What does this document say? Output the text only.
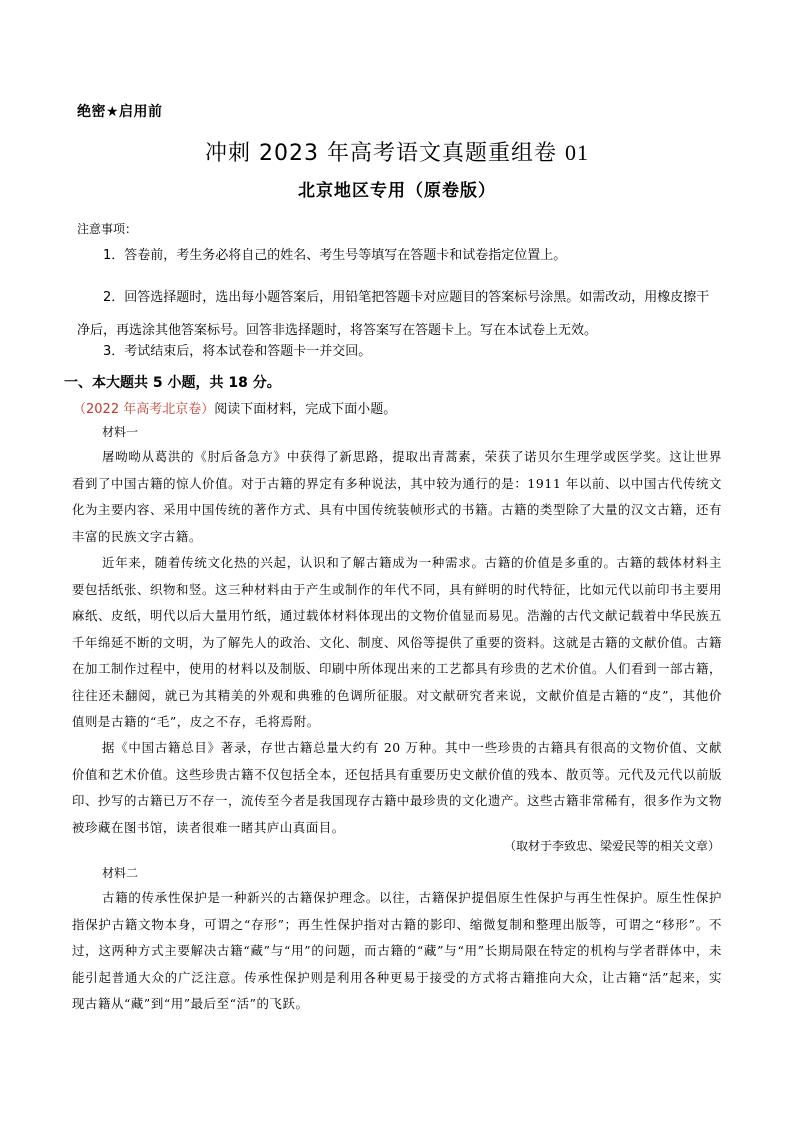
绝密★启用前
冲刺 2023 年高考语文真题重组卷 01
北京地区专用（原卷版）
注意事项：
1．答卷前，考生务必将自己的姓名、考生号等填写在答题卡和试卷指定位置上。
2．回答选择题时，选出每小题答案后，用铅笔把答题卡对应题目的答案标号涂黑。如需改动，用橡皮擦干净后，再选涂其他答案标号。回答非选择题时，将答案写在答题卡上。写在本试卷上无效。
3．考试结束后，将本试卷和答题卡一并交回。
一、本大题共 5 小题，共 18 分。
（2022 年高考北京卷）阅读下面材料，完成下面小题。
材料一
屠呦呦从葛洪的《肘后备急方》中获得了新思路，提取出青蒿素，荣获了诺贝尔生理学或医学奖。这让世界看到了中国古籍的惊人价值。对于古籍的界定有多种说法，其中较为通行的是：1911 年以前、以中国古代传统文化为主要内容、采用中国传统的著作方式、具有中国传统装帧形式的书籍。古籍的类型除了大量的汉文古籍，还有丰富的民族文字古籍。
近年来，随着传统文化热的兴起，认识和了解古籍成为一种需求。古籍的价值是多重的。古籍的载体材料主要包括纸张、织物和竖。这三种材料由于产生或制作的年代不同，具有鲜明的时代特征，比如元代以前印书主要用麻纸、皮纸，明代以后大量用竹纸，通过载体材料体现出的文物价值显而易见。浩瀚的古代文献记载着中华民族五千年绵延不断的文明，为了解先人的政治、文化、制度、风俗等提供了重要的资料。这就是古籍的文献价值。古籍在加工制作过程中，使用的材料以及制版、印刷中所体现出来的工艺都具有珍贵的艺术价值。人们看到一部古籍，往往还未翻阅，就已为其精美的外观和典雅的色调所征服。对文献研究者来说，文献价值是古籍的“皮”，其他价值则是古籍的“毛”，皮之不存，毛将焉附。
据《中国古籍总目》著录，存世古籍总量大约有 20 万种。其中一些珍贵的古籍具有很高的文物价值、文献价值和艺术价值。这些珍贵古籍不仅包括全本，还包括具有重要历史文献价值的残本、散页等。元代及元代以前版印、抄写的古籍已万不存一，流传至今者是我国现存古籍中最珍贵的文化遗产。这些古籍非常稀有，很多作为文物被珍藏在图书馆，读者很难一睹其庐山真面目。
（取材于李致忠、梁爱民等的相关文章）
材料二
古籍的传承性保护是一种新兴的古籍保护理念。以往，古籍保护提倡原生性保护与再生性保护。原生性保护指保护古籍文物本身，可谓之“存形”；再生性保护指对古籍的影印、缩微复制和整理出版等，可谓之“移形”。不过，这两种方式主要解决古籍“藏”与“用”的问题，而古籍的“藏”与“用”长期局限在特定的机构与学者群体中，未能引起普通大众的广泛注意。传承性保护则是利用各种更易于接受的方式将古籍推向大众，让古籍“活”起来，实现古籍从“藏”到“用”最后至“活”的飞跃。
